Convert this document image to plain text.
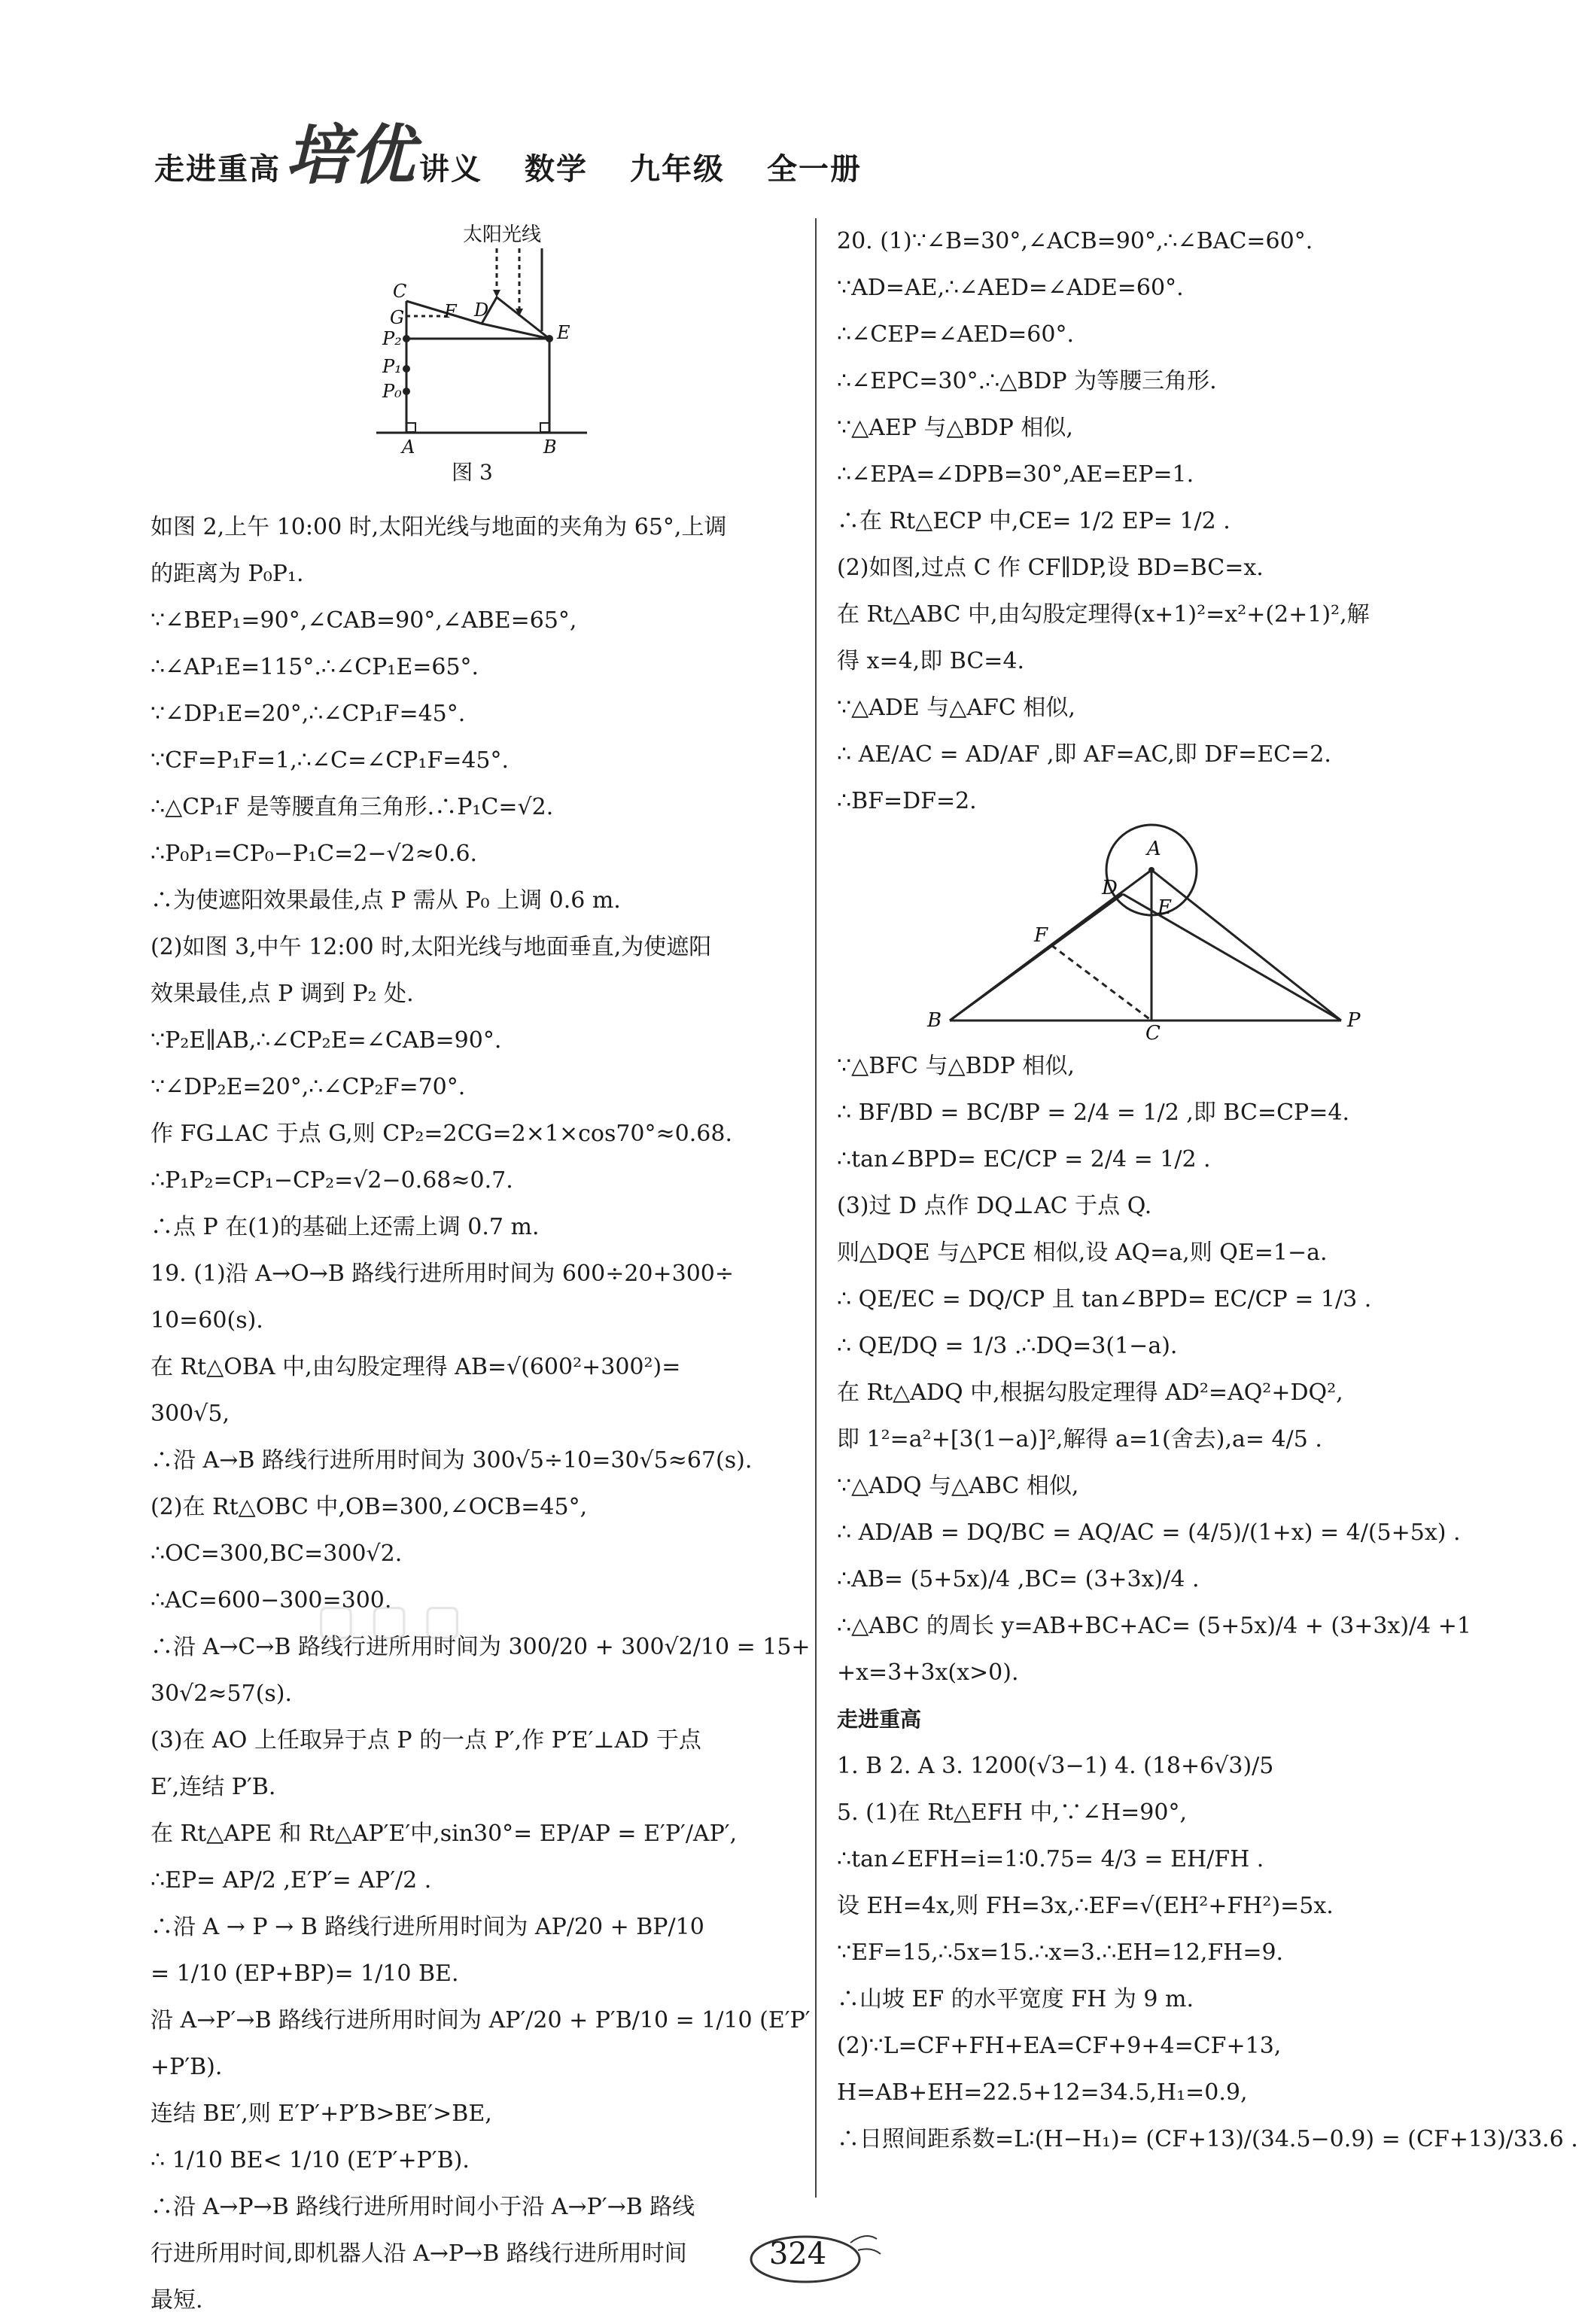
走进重高 培优 讲义 数学 九年级 全一册
太阳光线
C
D
F
G
P₂
P₁
P₀
E
A	B
图 3
如图 2,上午 10:00 时,太阳光线与地面的夹角为 65°,上调
的距离为 P₀P₁.
∵∠BEP₁=90°,∠CAB=90°,∠ABE=65°,
∴∠AP₁E=115°.∴∠CP₁E=65°.
∵∠DP₁E=20°,∴∠CP₁F=45°.
∵CF=P₁F=1,∴∠C=∠CP₁F=45°.
∴△CP₁F 是等腰直角三角形.∴P₁C=√2.
∴P₀P₁=CP₀−P₁C=2−√2≈0.6.
∴为使遮阳效果最佳,点 P 需从 P₀ 上调 0.6 m.
(2)如图 3,中午 12:00 时,太阳光线与地面垂直,为使遮阳
效果最佳,点 P 调到 P₂ 处.
∵P₂E∥AB,∴∠CP₂E=∠CAB=90°.
∵∠DP₂E=20°,∴∠CP₂F=70°.
作 FG⊥AC 于点 G,则 CP₂=2CG=2×1×cos70°≈0.68.
∴P₁P₂=CP₁−CP₂=√2−0.68≈0.7.
∴点 P 在(1)的基础上还需上调 0.7 m.
19. (1)沿 A→O→B 路线行进所用时间为 600÷20+300÷
10=60(s).
在 Rt△OBA 中,由勾股定理得 AB=√(600²+300²)=
300√5,
∴沿 A→B 路线行进所用时间为 300√5÷10=30√5≈67(s).
(2)在 Rt△OBC 中,OB=300,∠OCB=45°,
∴OC=300,BC=300√2.
∴AC=600−300=300.
∴沿 A→C→B 路线行进所用时间为 300/20 + 300√2/10 = 15+
30√2≈57(s).
(3)在 AO 上任取异于点 P 的一点 P′,作 P′E′⊥AD 于点
E′,连结 P′B.
在 Rt△APE 和 Rt△AP′E′中,sin30°= EP/AP = E′P′/AP′,
∴EP= AP/2 ,E′P′= AP′/2 .
∴沿 A → P → B 路线行进所用时间为 AP/20 + BP/10
= 1/10 (EP+BP)= 1/10 BE.
沿 A→P′→B 路线行进所用时间为 AP′/20 + P′B/10 = 1/10 (E′P′
+P′B).
连结 BE′,则 E′P′+P′B>BE′>BE,
∴ 1/10 BE< 1/10 (E′P′+P′B).
∴沿 A→P→B 路线行进所用时间小于沿 A→P′→B 路线
行进所用时间,即机器人沿 A→P→B 路线行进所用时间
最短.
20. (1)∵∠B=30°,∠ACB=90°,∴∠BAC=60°.
∵AD=AE,∴∠AED=∠ADE=60°.
∴∠CEP=∠AED=60°.
∴∠EPC=30°.∴△BDP 为等腰三角形.
∵△AEP 与△BDP 相似,
∴∠EPA=∠DPB=30°,AE=EP=1.
∴在 Rt△ECP 中,CE= 1/2 EP= 1/2 .
(2)如图,过点 C 作 CF∥DP,设 BD=BC=x.
在 Rt△ABC 中,由勾股定理得(x+1)²=x²+(2+1)²,解
得 x=4,即 BC=4.
∵△ADE 与△AFC 相似,
∴ AE/AC = AD/AF ,即 AF=AC,即 DF=EC=2.
∴BF=DF=2.
A
D
E
F
B
C
P
∵△BFC 与△BDP 相似,
∴ BF/BD = BC/BP = 2/4 = 1/2 ,即 BC=CP=4.
∴tan∠BPD= EC/CP = 2/4 = 1/2 .
(3)过 D 点作 DQ⊥AC 于点 Q.
则△DQE 与△PCE 相似,设 AQ=a,则 QE=1−a.
∴ QE/EC = DQ/CP 且 tan∠BPD= EC/CP = 1/3 .
∴ QE/DQ = 1/3 .∴DQ=3(1−a).
在 Rt△ADQ 中,根据勾股定理得 AD²=AQ²+DQ²,
即 1²=a²+[3(1−a)]²,解得 a=1(舍去),a= 4/5 .
∵△ADQ 与△ABC 相似,
∴ AD/AB = DQ/BC = AQ/AC = (4/5)/(1+x) = 4/(5+5x) .
∴AB= (5+5x)/4 ,BC= (3+3x)/4 .
∴△ABC 的周长 y=AB+BC+AC= (5+5x)/4 + (3+3x)/4 +1
+x=3+3x(x>0).
走进重高
1. B 2. A 3. 1200(√3−1) 4. (18+6√3)/5
5. (1)在 Rt△EFH 中,∵∠H=90°,
∴tan∠EFH=i=1∶0.75= 4/3 = EH/FH .
设 EH=4x,则 FH=3x,∴EF=√(EH²+FH²)=5x.
∵EF=15,∴5x=15.∴x=3.∴EH=12,FH=9.
∴山坡 EF 的水平宽度 FH 为 9 m.
(2)∵L=CF+FH+EA=CF+9+4=CF+13,
H=AB+EH=22.5+12=34.5,H₁=0.9,
∴日照间距系数=L∶(H−H₁)= (CF+13)/(34.5−0.9) = (CF+13)/33.6 .
324
▢ ▢ ▢
